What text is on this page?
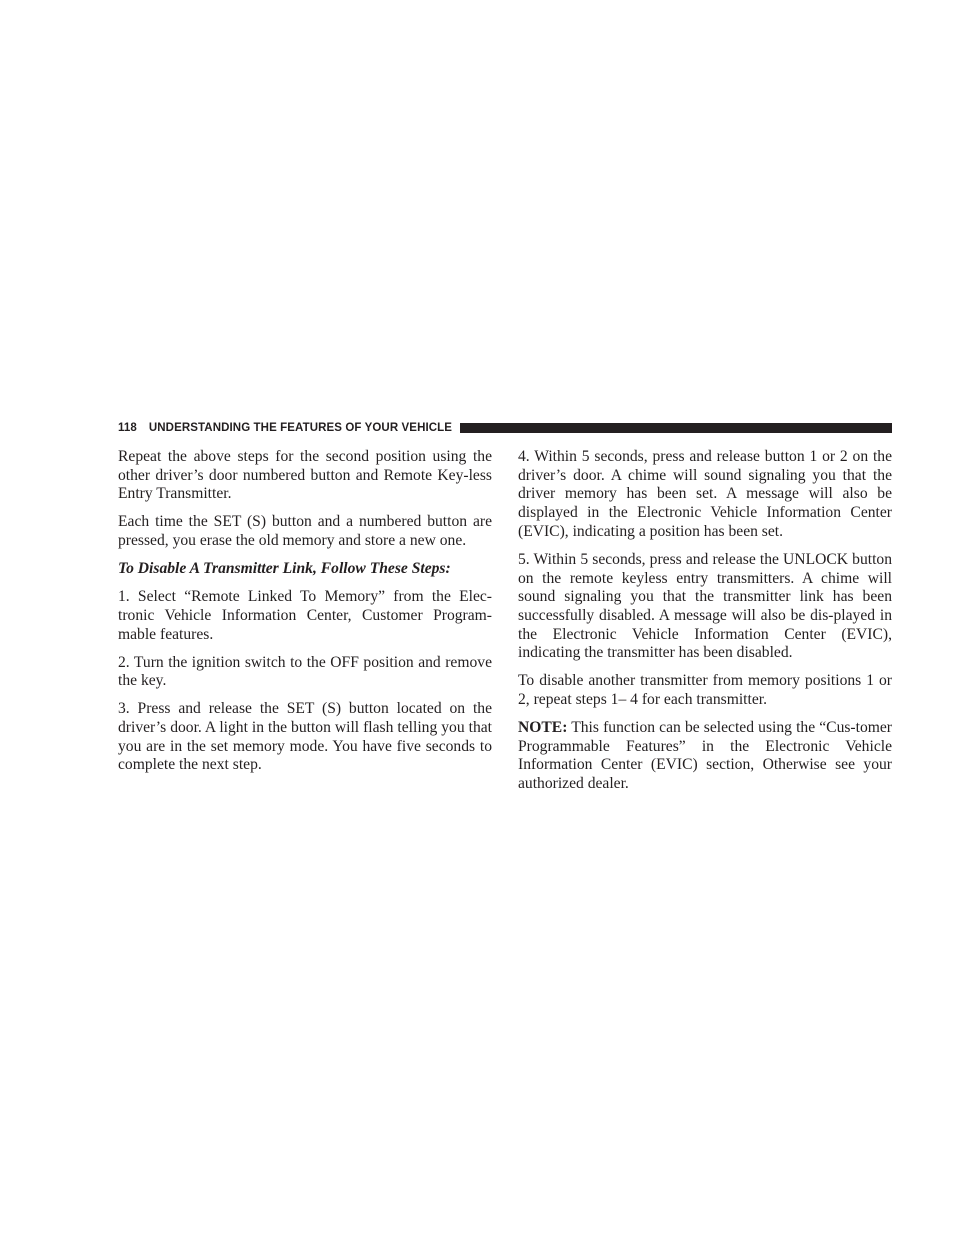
118 UNDERSTANDING THE FEATURES OF YOUR VEHICLE

Repeat the above steps for the second position using the other driver’s door numbered button and Remote Key-less Entry Transmitter.

Each time the SET (S) button and a numbered button are pressed, you erase the old memory and store a new one.

To Disable A Transmitter Link, Follow These Steps:

1. Select “Remote Linked To Memory” from the Elec-tronic Vehicle Information Center, Customer Program-mable features.

2. Turn the ignition switch to the OFF position and remove the key.

3. Press and release the SET (S) button located on the driver’s door. A light in the button will flash telling you that you are in the set memory mode. You have five seconds to complete the next step.

4. Within 5 seconds, press and release button 1 or 2 on the driver’s door. A chime will sound signaling you that the driver memory has been set. A message will also be displayed in the Electronic Vehicle Information Center (EVIC), indicating a position has been set.

5. Within 5 seconds, press and release the UNLOCK button on the remote keyless entry transmitters. A chime will sound signaling you that the transmitter link has been successfully disabled. A message will also be dis-played in the Electronic Vehicle Information Center (EVIC), indicating the transmitter has been disabled.

To disable another transmitter from memory positions 1 or 2, repeat steps 1– 4 for each transmitter.

NOTE: This function can be selected using the “Cus-tomer Programmable Features” in the Electronic Vehicle Information Center (EVIC) section, Otherwise see your authorized dealer.
